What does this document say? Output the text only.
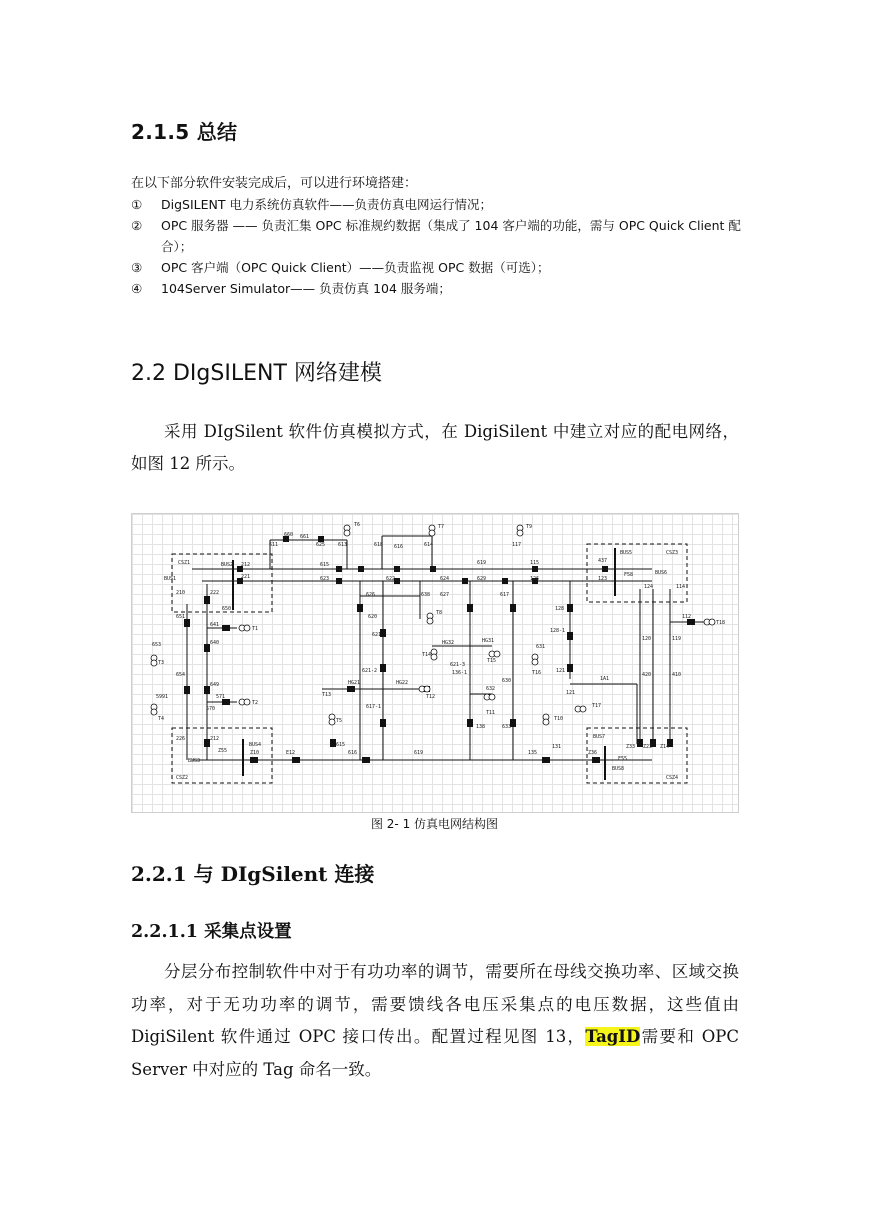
2.1.5 总结
在以下部分软件安装完成后，可以进行环境搭建：
①	DigSILENT 电力系统仿真软件——负责仿真电网运行情况；
②	OPC 服务器 —— 负责汇集 OPC 标准规约数据（集成了 104 客户端的功能，需与 OPC Quick Client 配合）；
③	OPC 客户端（OPC Quick Client）——负责监视 OPC 数据（可选）；
④	104Server Simulator—— 负责仿真 104 服务端；
2.2 DIgSILENT 网络建模

采用 DIgSilent 软件仿真模拟方式，在 DigiSilent 中建立对应的配电网络，如图 12 所示。

CSZ1
CSZ2
CSZ3
CSZ4
BUS1
BUS2
BUS3
BUS4
BUS5
BUS6
BUS7
BUS8
T3
T1
T4
T2
T6	T7	T9
T5
T8
T13	T12
T14
T15
T11
T16
T10
T17
T18
611
660 661
625	618
613
615
616	614
619
117
115	437
623	622	624	629	126	123
212
222
221
210
651
640
641
649
571
570
654
5991
653
626	638 627	617
128
128-1
120	119
112
621
621-2
621-3
HG21	HG22
617-1
HG32	HG31
136-1
631
632
630
633
121
420	410
1A1
121
226	212
Z55	Z10	E12
615
616	619	135
138
131
Z36
Z33 Z23 Z14
F55
F58
124	114
650
620
图 2- 1 仿真电网结构图
2.2.1 与 DIgSilent 连接
2.2.1.1 采集点设置

分层分布控制软件中对于有功功率的调节，需要所在母线交换功率、区域交换功率，对于无功功率的调节，需要馈线各电压采集点的电压数据，这些值由 DigiSilent 软件通过 OPC 接口传出。配置过程见图 13，TagID需要和 OPC Server 中对应的 Tag 命名一致。
